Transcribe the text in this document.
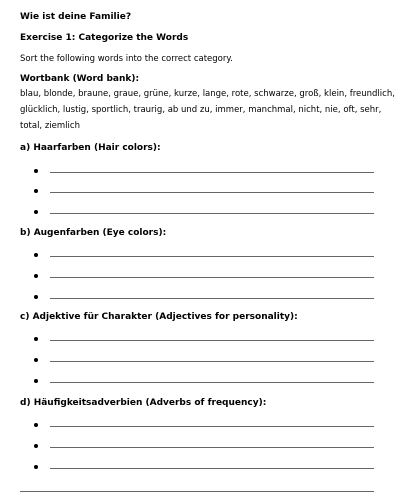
Wie ist deine Familie?
Exercise 1: Categorize the Words
Sort the following words into the correct category.
Wortbank (Word bank):
blau, blonde, braune, graue, grüne, kurze, lange, rote, schwarze, groß, klein, freundlich, glücklich, lustig, sportlich, traurig, ab und zu, immer, manchmal, nicht, nie, oft, sehr, total, ziemlich
a) Haarfarben (Hair colors):
b) Augenfarben (Eye colors):
c) Adjektive für Charakter (Adjectives for personality):
d) Häufigkeitsadverbien (Adverbs of frequency):
